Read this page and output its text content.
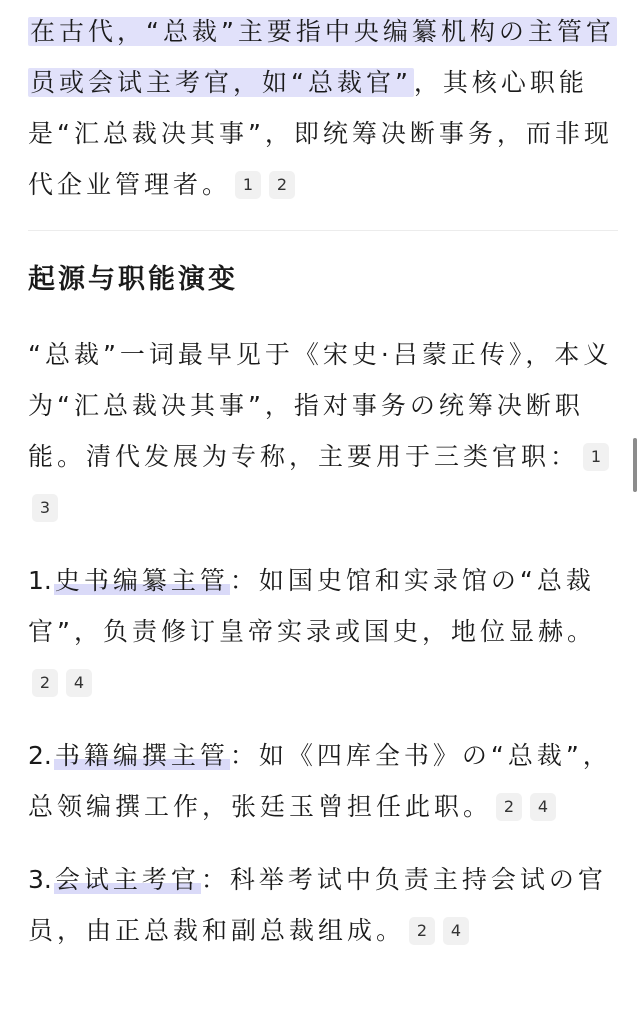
在古代，“总裁”主要指中央编纂机构の主管官员或会试主考官，如“总裁官”，其核心职能是“汇总裁决其事”，即统筹决断事务，而非现代企业管理者。 1 2

起源与职能演变

“总裁”一词最早见于《宋史·吕蒙正传》，本义为“汇总裁决其事”，指对事务の统筹决断职能。清代发展为专称，主要用于三类官职： 13

1. 史书编纂主管：如国史馆和实录馆の“总裁官”，负责修订皇帝实录或国史，地位显赫。2 4

2. 书籍编撰主管：如《四库全书》の“总裁”，总领编撰工作，张廷玉曾担任此职。 2 4

3. 会试主考官：科举考试中负责主持会试の官员，由正总裁和副总裁组成。 2 4
